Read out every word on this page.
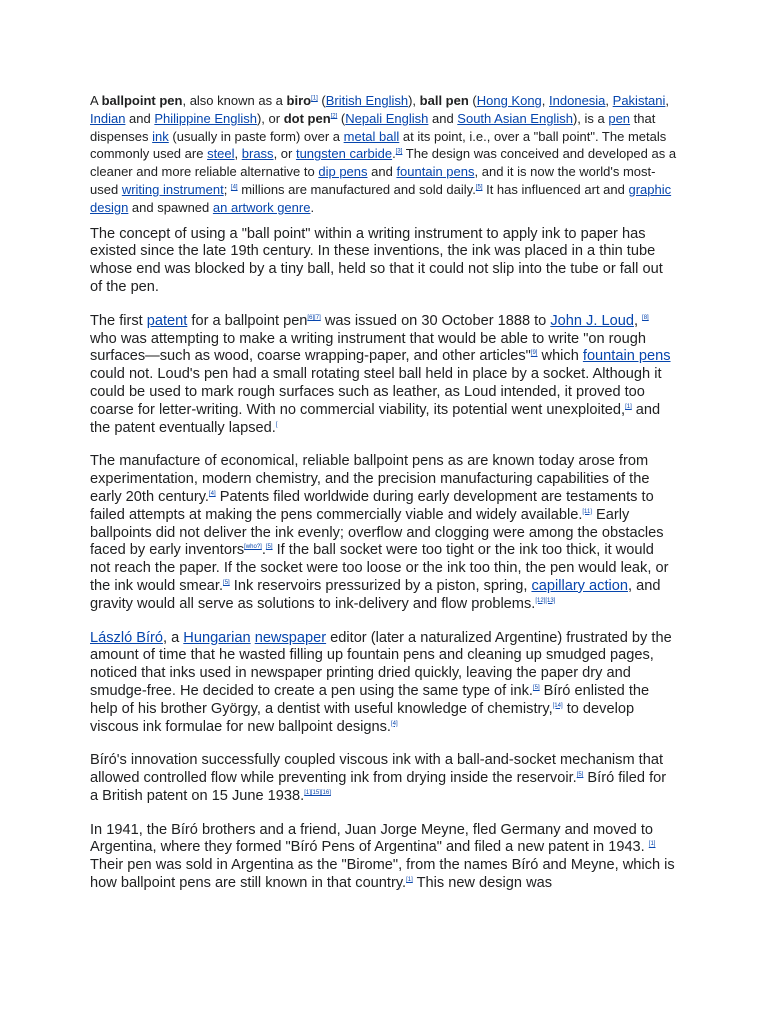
A ballpoint pen, also known as a biro[1] (British English), ball pen (Hong Kong, Indonesia, Pakistani, Indian and Philippine English), or dot pen[2] (Nepali English and South Asian English), is a pen that dispenses ink (usually in paste form) over a metal ball at its point, i.e., over a "ball point". The metals commonly used are steel, brass, or tungsten carbide.[3] The design was conceived and developed as a cleaner and more reliable alternative to dip pens and fountain pens, and it is now the world's most-used writing instrument; [4] millions are manufactured and sold daily.[5] It has influenced art and graphic design and spawned an artwork genre.

The concept of using a "ball point" within a writing instrument to apply ink to paper has existed since the late 19th century. In these inventions, the ink was placed in a thin tube whose end was blocked by a tiny ball, held so that it could not slip into the tube or fall out of the pen.

The first patent for a ballpoint pen[6][7] was issued on 30 October 1888 to John J. Loud, [8] who was attempting to make a writing instrument that would be able to write "on rough surfaces—such as wood, coarse wrapping-paper, and other articles"[9] which fountain pens could not. Loud's pen had a small rotating steel ball held in place by a socket. Although it could be used to mark rough surfaces such as leather, as Loud intended, it proved too coarse for letter-writing. With no commercial viability, its potential went unexploited,[1] and the patent eventually lapsed.[

The manufacture of economical, reliable ballpoint pens as are known today arose from experimentation, modern chemistry, and the precision manufacturing capabilities of the early 20th century.[4] Patents filed worldwide during early development are testaments to failed attempts at making the pens commercially viable and widely available.[11] Early ballpoints did not deliver the ink evenly; overflow and clogging were among the obstacles faced by early inventors[who?].[5] If the ball socket were too tight or the ink too thick, it would not reach the paper. If the socket were too loose or the ink too thin, the pen would leak, or the ink would smear.[5] Ink reservoirs pressurized by a piston, spring, capillary action, and gravity would all serve as solutions to ink-delivery and flow problems.[12][13]

László Bíró, a Hungarian newspaper editor (later a naturalized Argentine) frustrated by the amount of time that he wasted filling up fountain pens and cleaning up smudged pages, noticed that inks used in newspaper printing dried quickly, leaving the paper dry and smudge-free. He decided to create a pen using the same type of ink.[5] Bíró enlisted the help of his brother György, a dentist with useful knowledge of chemistry,[14] to develop viscous ink formulae for new ballpoint designs.[4]

Bíró's innovation successfully coupled viscous ink with a ball-and-socket mechanism that allowed controlled flow while preventing ink from drying inside the reservoir.[5] Bíró filed for a British patent on 15 June 1938.[1][15][16]

In 1941, the Bíró brothers and a friend, Juan Jorge Meyne, fled Germany and moved to Argentina, where they formed "Bíró Pens of Argentina" and filed a new patent in 1943. [1] Their pen was sold in Argentina as the "Birome", from the names Bíró and Meyne, which is how ballpoint pens are still known in that country.[1] This new design was
